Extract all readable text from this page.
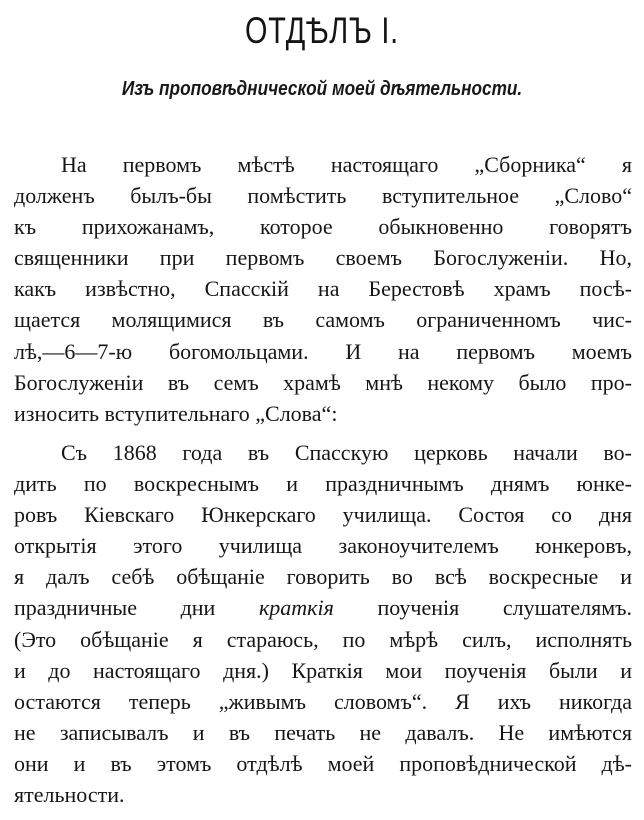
ОТДѢЛЪ I.
Изъ проповѣднической моей дѣятельности.
На первомъ мѣстѣ настоящаго „Сборника“ я
долженъ былъ-бы помѣстить вступительное „Слово“
къ прихожанамъ, которое обыкновенно говорятъ
священники при первомъ своемъ Богослуженіи. Но,
какъ извѣстно, Спасскій на Берестовѣ храмъ посѣ-
щается молящимися въ самомъ ограниченномъ чис-
лѣ,—6—7-ю богомольцами. И на первомъ моемъ
Богослуженіи въ семъ храмѣ мнѣ некому было про-
износить вступительнаго „Слова“:
Съ 1868 года въ Спасскую церковь начали во-
дить по воскреснымъ и праздничнымъ днямъ юнке-
ровъ Кіевскаго Юнкерскаго училища. Состоя со дня
открытія этого училища законоучителемъ юнкеровъ,
я далъ себѣ обѣщаніе говорить во всѣ воскресные и
праздничные дни краткія поученія слушателямъ.
(Это обѣщаніе я стараюсь, по мѣрѣ силъ, исполнять
и до настоящаго дня.) Краткія мои поученія были и
остаются теперь „живымъ словомъ“. Я ихъ никогда
не записывалъ и въ печать не давалъ. Не имѣются
они и въ этомъ отдѣлѣ моей проповѣднической дѣ-
ятельности.
